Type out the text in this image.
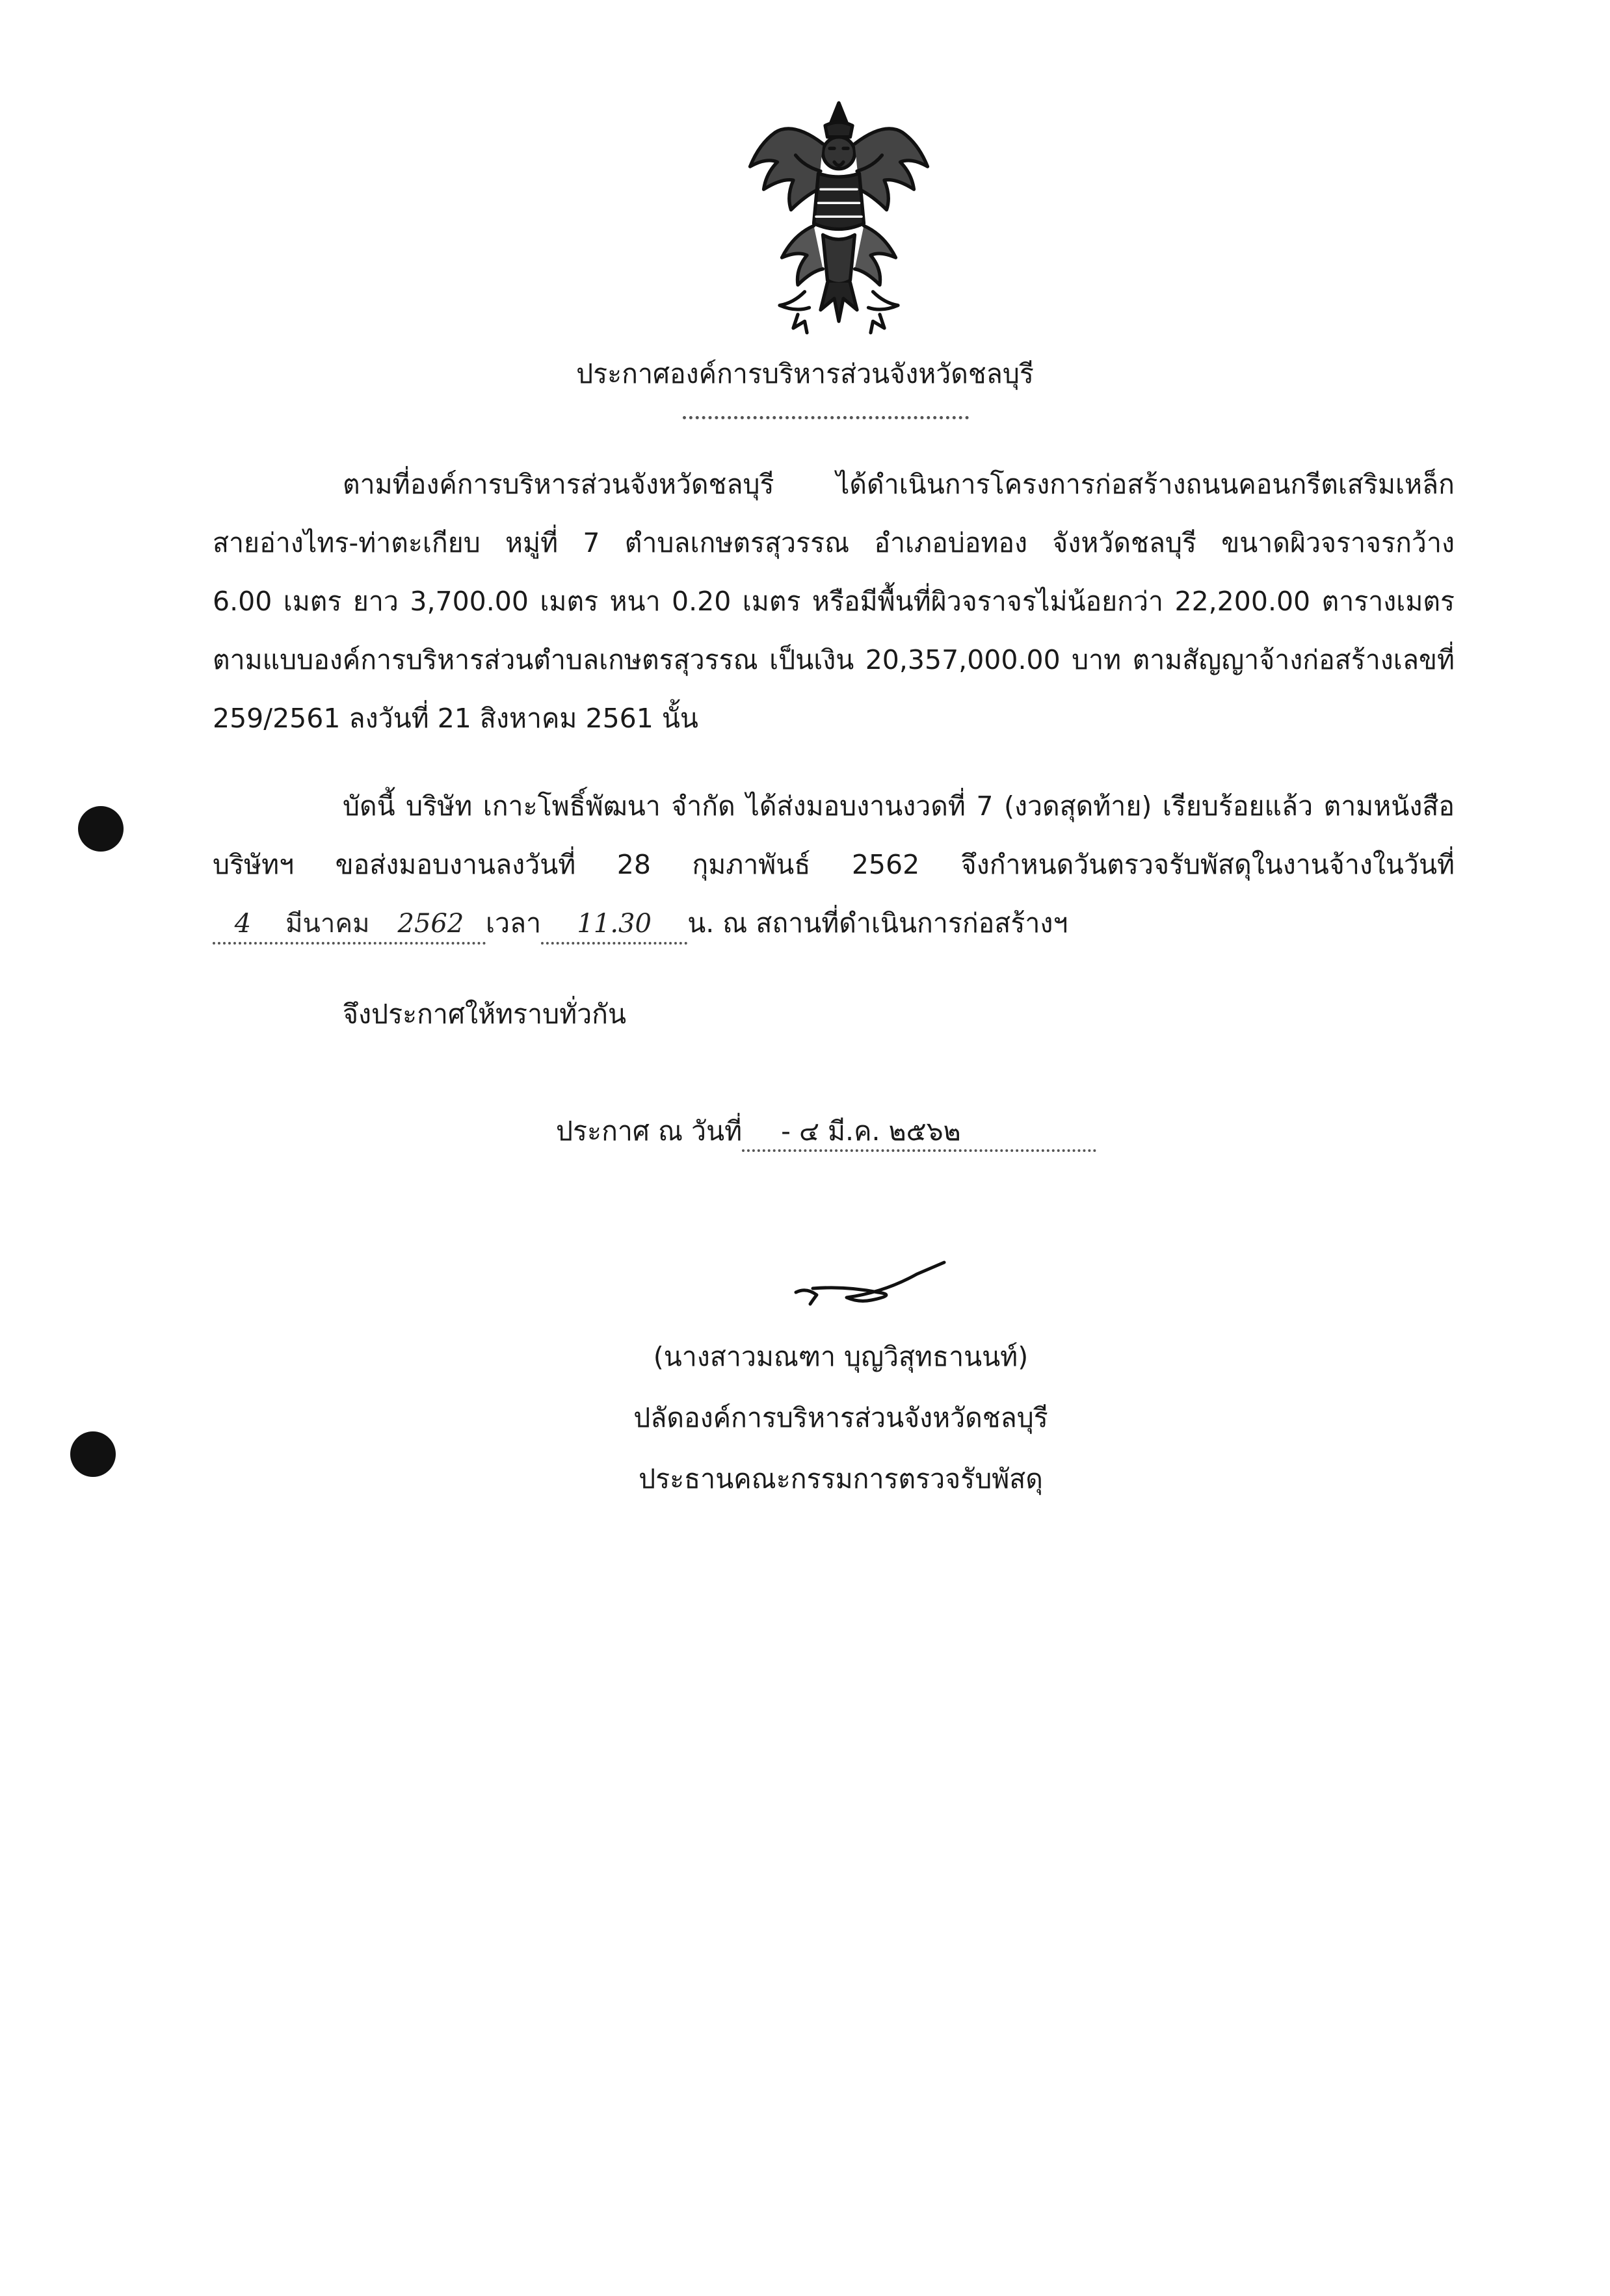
ประกาศองค์การบริหารส่วนจังหวัดชลบุรี
ตามที่องค์การบริหารส่วนจังหวัดชลบุรี ได้ดำเนินการโครงการก่อสร้างถนนคอนกรีตเสริมเหล็ก
สายอ่างไทร-ท่าตะเกียบ หมู่ที่ 7 ตำบลเกษตรสุวรรณ อำเภอบ่อทอง จังหวัดชลบุรี ขนาดผิวจราจรกว้าง
6.00 เมตร ยาว 3,700.00 เมตร หนา 0.20 เมตร หรือมีพื้นที่ผิวจราจรไม่น้อยกว่า 22,200.00 ตารางเมตร
ตามแบบองค์การบริหารส่วนตำบลเกษตรสุวรรณ เป็นเงิน 20,357,000.00 บาท ตามสัญญาจ้างก่อสร้างเลขที่
259/2561 ลงวันที่ 21 สิงหาคม 2561 นั้น
บัดนี้ บริษัท เกาะโพธิ์พัฒนา จำกัด ได้ส่งมอบงานงวดที่ 7 (งวดสุดท้าย) เรียบร้อยแล้ว ตามหนังสือ
บริษัทฯ ขอส่งมอบงานลงวันที่ 28 กุมภาพันธ์ 2562 จึงกำหนดวันตรวจรับพัสดุในงานจ้างในวันที่
4 มีนาคม 2562 เวลา 11.30 น. ณ สถานที่ดำเนินการก่อสร้างฯ
จึงประกาศให้ทราบทั่วกัน
ประกาศ ณ วันที่ - ๔ มี.ค. ๒๕๖๒
(นางสาวมณฑา บุญวิสุทธานนท์)
ปลัดองค์การบริหารส่วนจังหวัดชลบุรี
ประธานคณะกรรมการตรวจรับพัสดุ
